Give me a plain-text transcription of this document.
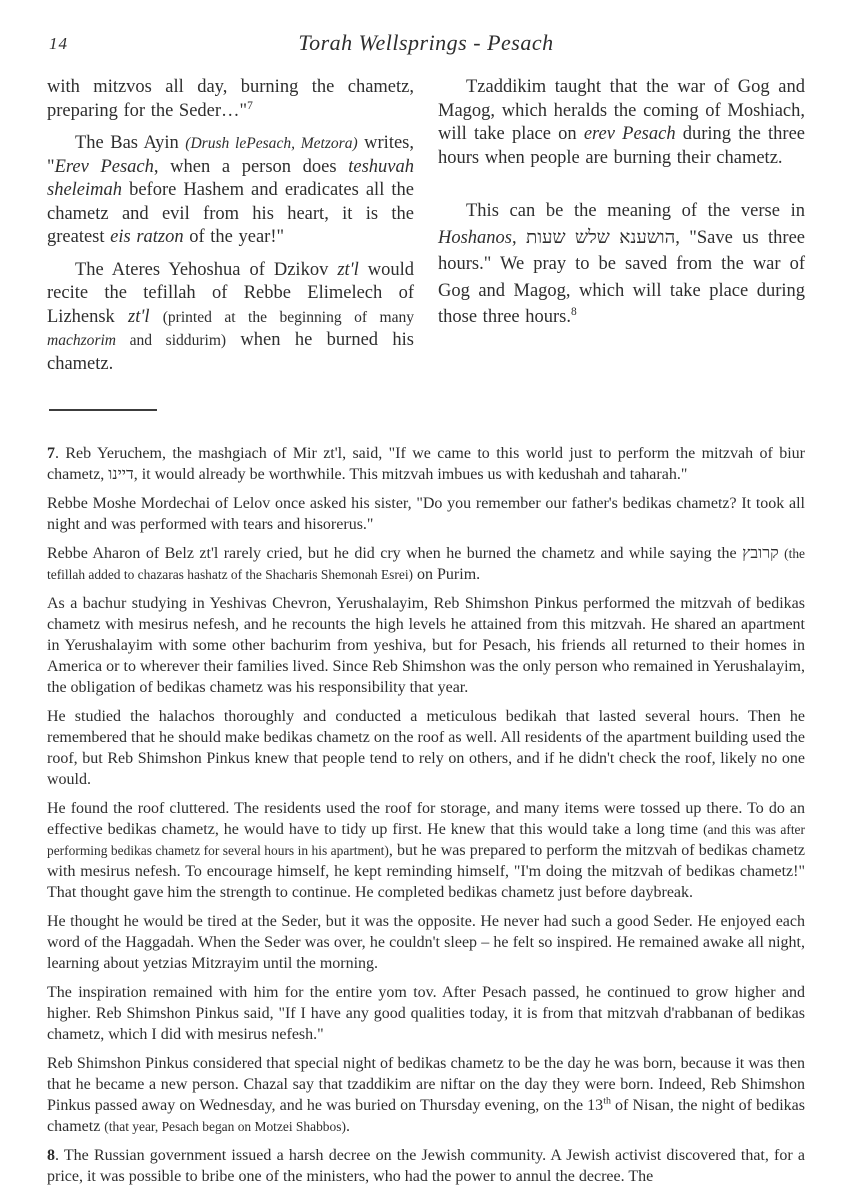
14	Torah Wellsprings - Pesach

with mitzvos all day, burning the chametz, preparing for the Seder…"$^7$

The Bas Ayin (Drush lePesach, Metzora) writes, "Erev Pesach, when a person does teshuvah sheleimah before Hashem and eradicates all the chametz and evil from his heart, it is the greatest eis ratzon of the year!"

The Ateres Yehoshua of Dzikov zt'l would recite the tefillah of Rebbe Elimelech of Lizhensk zt'l (printed at the beginning of many machzorim and siddurim) when he burned his chametz.

Tzaddikim taught that the war of Gog and Magog, which heralds the coming of Moshiach, will take place on erev Pesach during the three hours when people are burning their chametz.

This can be the meaning of the verse in Hoshanos, הושענא שלש שעות, "Save us three hours." We pray to be saved from the war of Gog and Magog, which will take place during those three hours.$^8$

7. Reb Yeruchem, the mashgiach of Mir zt'l, said, "If we came to this world just to perform the mitzvah of biur chametz, דיינו, it would already be worthwhile. This mitzvah imbues us with kedushah and taharah."

Rebbe Moshe Mordechai of Lelov once asked his sister, "Do you remember our father's bedikas chametz? It took all night and was performed with tears and hisorerus."

Rebbe Aharon of Belz zt'l rarely cried, but he did cry when he burned the chametz and while saying the קרובץ (the tefillah added to chazaras hashatz of the Shacharis Shemonah Esrei) on Purim.

As a bachur studying in Yeshivas Chevron, Yerushalayim, Reb Shimshon Pinkus performed the mitzvah of bedikas chametz with mesirus nefesh, and he recounts the high levels he attained from this mitzvah. He shared an apartment in Yerushalayim with some other bachurim from yeshiva, but for Pesach, his friends all returned to their homes in America or to wherever their families lived. Since Reb Shimshon was the only person who remained in Yerushalayim, the obligation of bedikas chametz was his responsibility that year.

He studied the halachos thoroughly and conducted a meticulous bedikah that lasted several hours. Then he remembered that he should make bedikas chametz on the roof as well. All residents of the apartment building used the roof, but Reb Shimshon Pinkus knew that people tend to rely on others, and if he didn't check the roof, likely no one would.

He found the roof cluttered. The residents used the roof for storage, and many items were tossed up there. To do an effective bedikas chametz, he would have to tidy up first. He knew that this would take a long time (and this was after performing bedikas chametz for several hours in his apartment), but he was prepared to perform the mitzvah of bedikas chametz with mesirus nefesh. To encourage himself, he kept reminding himself, "I'm doing the mitzvah of bedikas chametz!" That thought gave him the strength to continue. He completed bedikas chametz just before daybreak.

He thought he would be tired at the Seder, but it was the opposite. He never had such a good Seder. He enjoyed each word of the Haggadah. When the Seder was over, he couldn't sleep – he felt so inspired. He remained awake all night, learning about yetzias Mitzrayim until the morning.

The inspiration remained with him for the entire yom tov. After Pesach passed, he continued to grow higher and higher. Reb Shimshon Pinkus said, "If I have any good qualities today, it is from that mitzvah d'rabbanan of bedikas chametz, which I did with mesirus nefesh."

Reb Shimshon Pinkus considered that special night of bedikas chametz to be the day he was born, because it was then that he became a new person. Chazal say that tzaddikim are niftar on the day they were born. Indeed, Reb Shimshon Pinkus passed away on Wednesday, and he was buried on Thursday evening, on the 13th of Nisan, the night of bedikas chametz (that year, Pesach began on Motzei Shabbos).

8. The Russian government issued a harsh decree on the Jewish community. A Jewish activist discovered that, for a price, it was possible to bribe one of the ministers, who had the power to annul the decree. The
